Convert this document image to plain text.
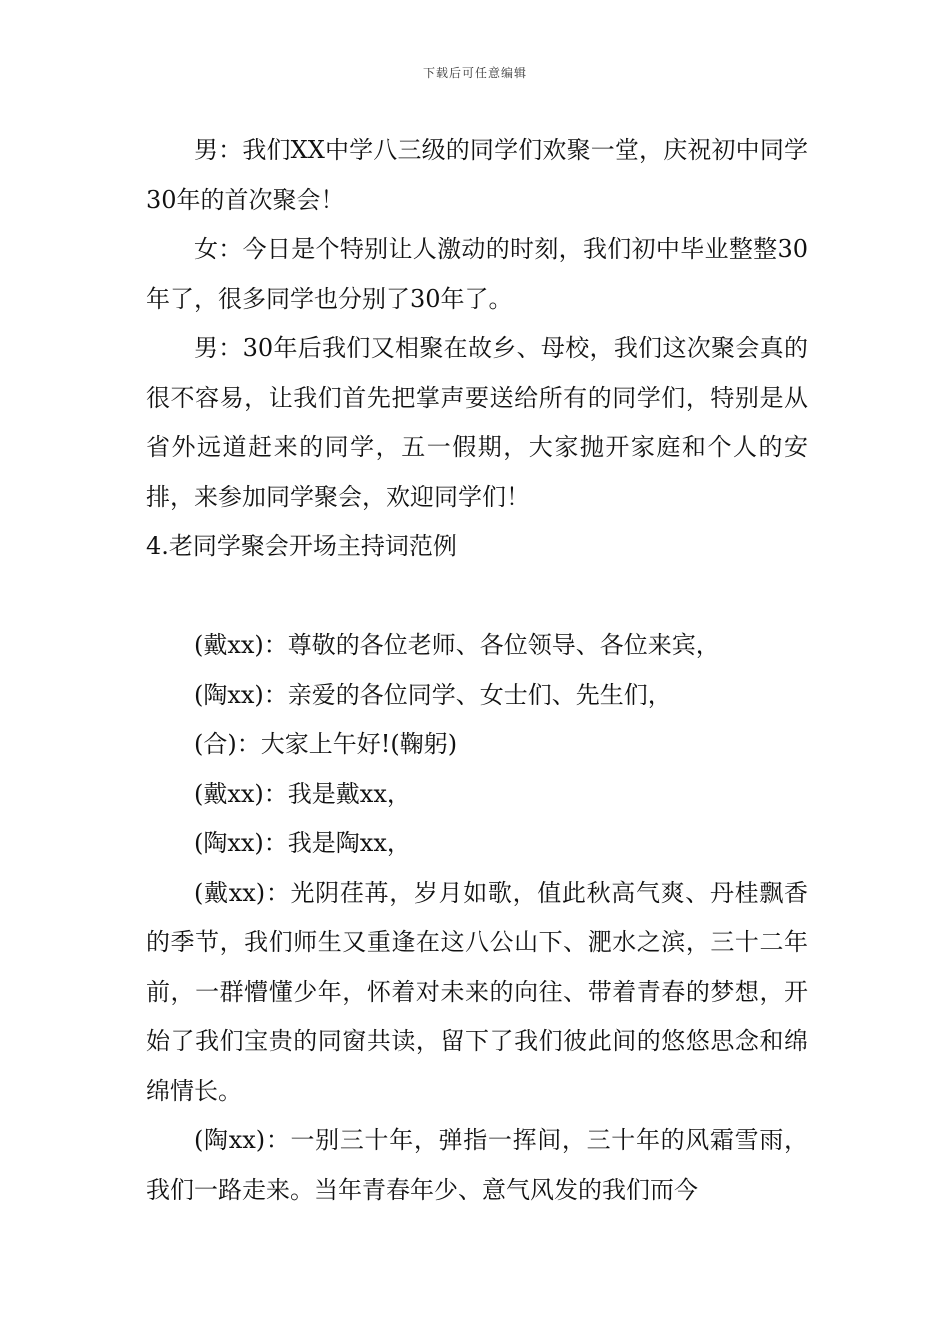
下载后可任意编辑

男：我们XX中学八三级的同学们欢聚一堂，庆祝初中同学30年的首次聚会！

女：今日是个特别让人激动的时刻，我们初中毕业整整30年了，很多同学也分别了30年了。

男：30年后我们又相聚在故乡、母校，我们这次聚会真的很不容易，让我们首先把掌声要送给所有的同学们，特别是从省外远道赶来的同学，五一假期，大家抛开家庭和个人的安排，来参加同学聚会，欢迎同学们！

4.老同学聚会开场主持词范例

(戴xx)：尊敬的各位老师、各位领导、各位来宾，

(陶xx)：亲爱的各位同学、女士们、先生们，

(合)：大家上午好!(鞠躬)

(戴xx)：我是戴xx，

(陶xx)：我是陶xx，

(戴xx)：光阴荏苒，岁月如歌，值此秋高气爽、丹桂飘香的季节，我们师生又重逢在这八公山下、淝水之滨，三十二年前，一群懵懂少年，怀着对未来的向往、带着青春的梦想，开始了我们宝贵的同窗共读，留下了我们彼此间的悠悠思念和绵绵情长。

(陶xx)：一别三十年，弹指一挥间，三十年的风霜雪雨，我们一路走来。当年青春年少、意气风发的我们而今
